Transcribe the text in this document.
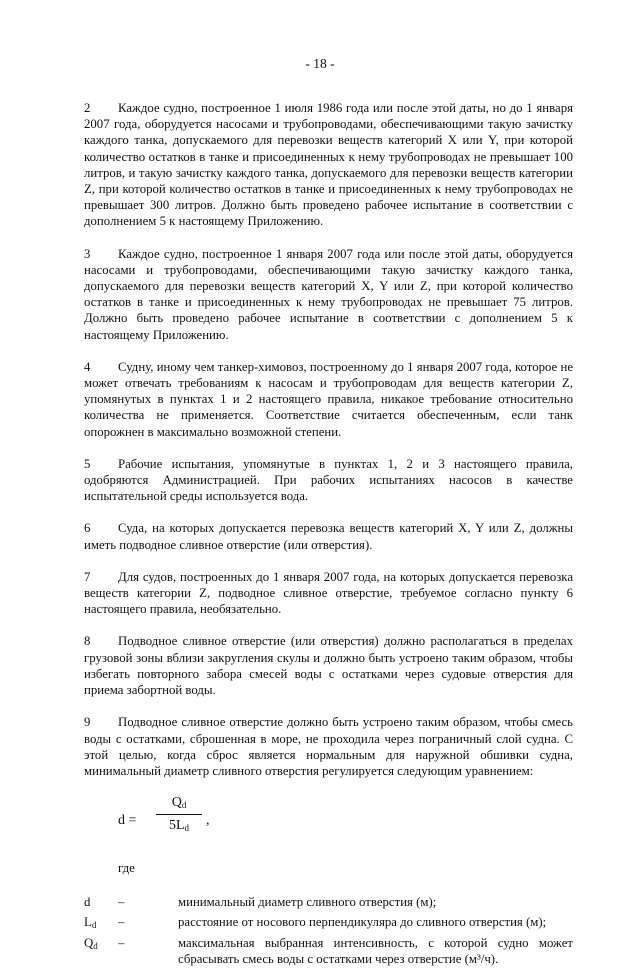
- 18 -

2 Каждое судно, построенное 1 июля 1986 года или после этой даты, но до 1 января 2007 года, оборудуется насосами и трубопроводами, обеспечивающими такую зачистку каждого танка, допускаемого для перевозки веществ категорий X или Y, при которой количество остатков в танке и присоединенных к нему трубопроводах не превышает 100 литров, и такую зачистку каждого танка, допускаемого для перевозки веществ категории Z, при которой количество остатков в танке и присоединенных к нему трубопроводах не превышает 300 литров. Должно быть проведено рабочее испытание в соответствии с дополнением 5 к настоящему Приложению.

3 Каждое судно, построенное 1 января 2007 года или после этой даты, оборудуется насосами и трубопроводами, обеспечивающими такую зачистку каждого танка, допускаемого для перевозки веществ категорий X, Y или Z, при которой количество остатков в танке и присоединенных к нему трубопроводах не превышает 75 литров. Должно быть проведено рабочее испытание в соответствии с дополнением 5 к настоящему Приложению.

4 Судну, иному чем танкер-химовоз, построенному до 1 января 2007 года, которое не может отвечать требованиям к насосам и трубопроводам для веществ категории Z, упомянутых в пунктах 1 и 2 настоящего правила, никакое требование относительно количества не применяется. Соответствие считается обеспеченным, если танк опорожнен в максимально возможной степени.

5 Рабочие испытания, упомянутые в пунктах 1, 2 и 3 настоящего правила, одобряются Администрацией. При рабочих испытаниях насосов в качестве испытательной среды используется вода.

6 Суда, на которых допускается перевозка веществ категорий X, Y или Z, должны иметь подводное сливное отверстие (или отверстия).

7 Для судов, построенных до 1 января 2007 года, на которых допускается перевозка веществ категории Z, подводное сливное отверстие, требуемое согласно пункту 6 настоящего правила, необязательно.

8 Подводное сливное отверстие (или отверстия) должно располагаться в пределах грузовой зоны вблизи закругления скулы и должно быть устроено таким образом, чтобы избегать повторного забора смесей воды с остатками через судовые отверстия для приема забортной воды.

9 Подводное сливное отверстие должно быть устроено таким образом, чтобы смесь воды с остатками, сброшенная в море, не проходила через пограничный слой судна. С этой целью, когда сброс является нормальным для наружной обшивки судна, минимальный диаметр сливного отверстия регулируется следующим уравнением:

d =
$Q_d$
$5L_d$	,
где
d	–	минимальный диаметр сливного отверстия (м);
$L_d$	–	расстояние от носового перпендикуляра до сливного отверстия (м);
$Q_d$	–	максимальная выбранная интенсивность, с которой судно может сбрасывать смесь воды с остатками через отверстие (м³/ч).
